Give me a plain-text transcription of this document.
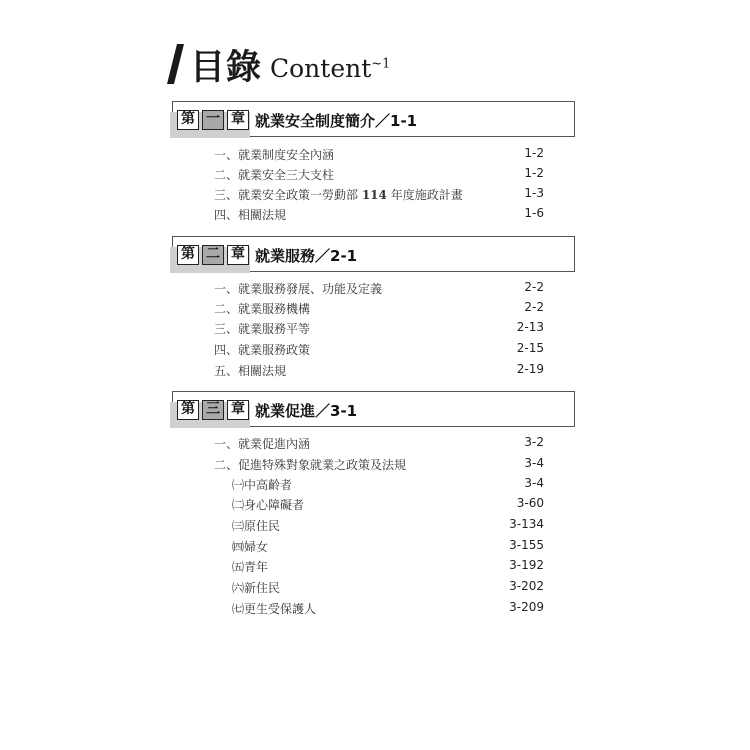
目錄 Content$^{\sim 1}$
第 一 章 就業安全制度簡介／1-1
一、就業制度安全內涵	1-2
二、就業安全三大支柱	1-2
三、就業安全政策一勞動部 114 年度施政計畫	1-3
四、相關法規	1-6
第 二 章 就業服務／2-1
一、就業服務發展、功能及定義	2-2
二、就業服務機構	2-2
三、就業服務平等	2-13
四、就業服務政策	2-15
五、相關法規	2-19
第 三 章 就業促進／3-1
一、就業促進內涵	3-2
二、促進特殊對象就業之政策及法規	3-4
㈠中高齡者	3-4
㈡身心障礙者	3-60
㈢原住民	3-134
㈣婦女	3-155
㈤青年	3-192
㈥新住民	3-202
㈦更生受保護人	3-209
